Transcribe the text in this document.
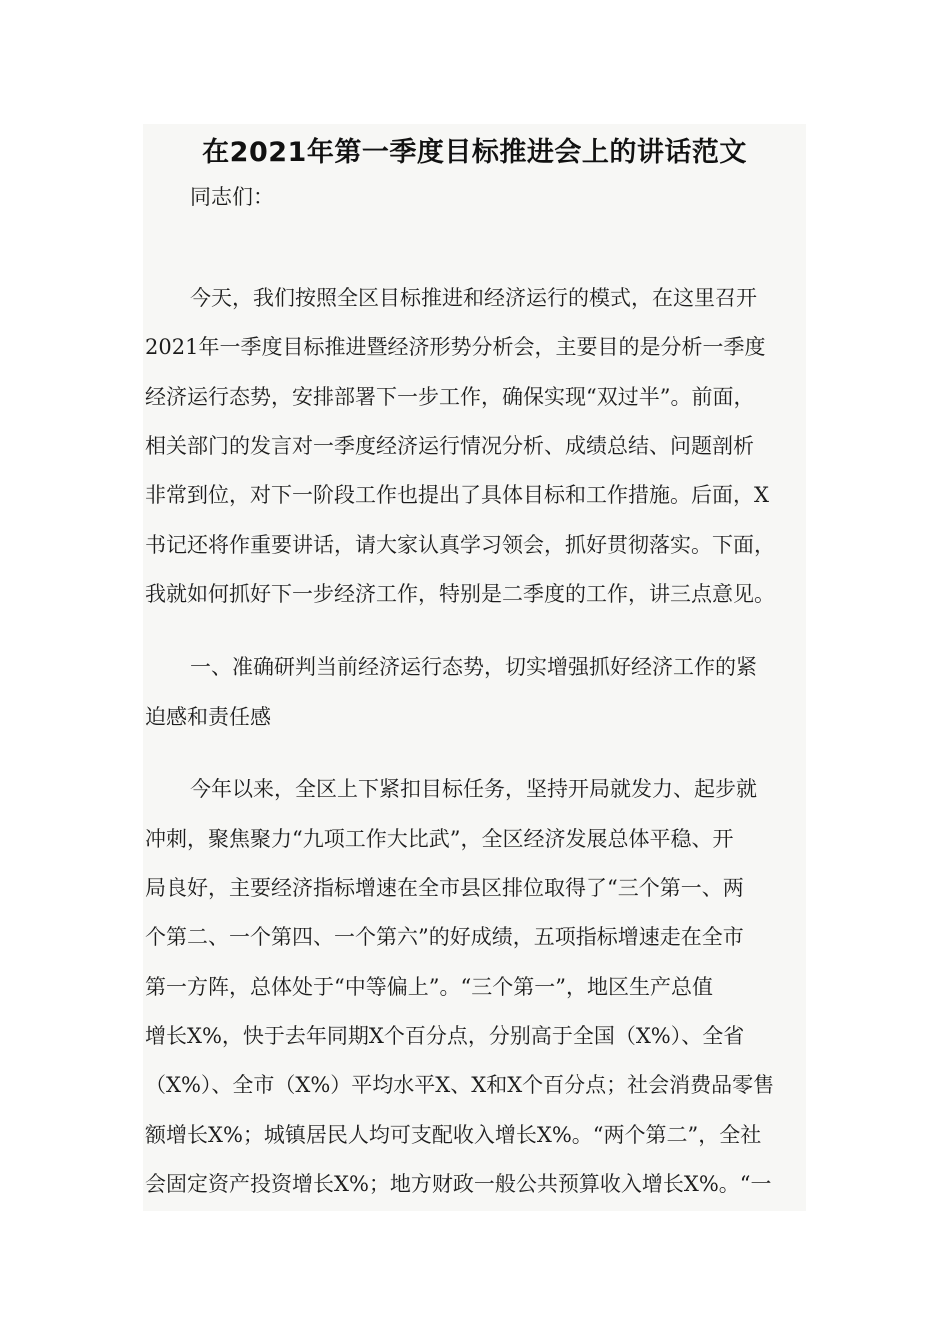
在2021年第一季度目标推进会上的讲话范文
同志们：
今天，我们按照全区目标推进和经济运行的模式，在这里召开
2021年一季度目标推进暨经济形势分析会，主要目的是分析一季度
经济运行态势，安排部署下一步工作，确保实现“双过半”。前面，
相关部门的发言对一季度经济运行情况分析、成绩总结、问题剖析
非常到位，对下一阶段工作也提出了具体目标和工作措施。后面，X
书记还将作重要讲话，请大家认真学习领会，抓好贯彻落实。下面，
我就如何抓好下一步经济工作，特别是二季度的工作，讲三点意见。
一、准确研判当前经济运行态势，切实增强抓好经济工作的紧
迫感和责任感
今年以来，全区上下紧扣目标任务，坚持开局就发力、起步就
冲刺，聚焦聚力“九项工作大比武”，全区经济发展总体平稳、开
局良好，主要经济指标增速在全市县区排位取得了“三个第一、两
个第二、一个第四、一个第六”的好成绩，五项指标增速走在全市
第一方阵，总体处于“中等偏上”。“三个第一”，地区生产总值
增长X%，快于去年同期X个百分点，分别高于全国（X%）、全省
（X%）、全市（X%）平均水平X、X和X个百分点；社会消费品零售
额增长X%；城镇居民人均可支配收入增长X%。“两个第二”，全社
会固定资产投资增长X%；地方财政一般公共预算收入增长X%。“一
